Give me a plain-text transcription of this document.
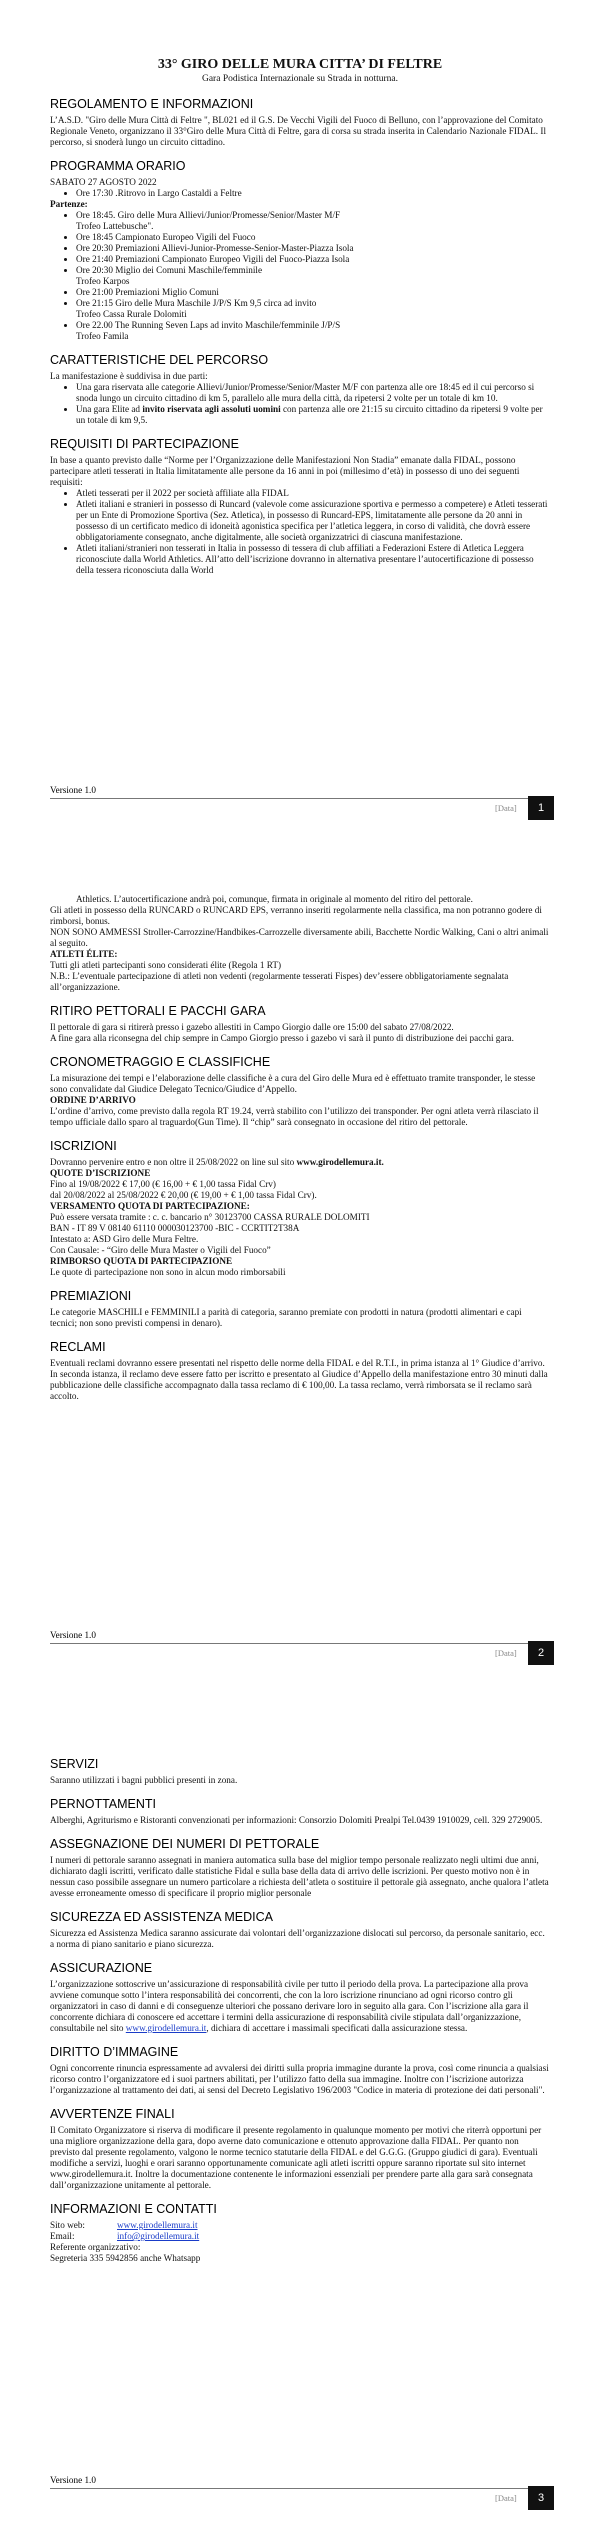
33° GIRO DELLE MURA CITTA’ DI FELTRE

Gara Podistica Internazionale su Strada in notturna.

REGOLAMENTO E INFORMAZIONI

L’A.S.D. "Giro delle Mura Città di Feltre ", BL021 ed il G.S. De Vecchi Vigili del Fuoco di Belluno, con l’approvazione del Comitato Regionale Veneto, organizzano il 33°Giro delle Mura Città di Feltre, gara di corsa su strada inserita in Calendario Nazionale FIDAL. Il percorso, si snoderà lungo un circuito cittadino.

PROGRAMMA ORARIO

SABATO 27 AGOSTO 2022

• Ore 17:30 .Ritrovo in Largo Castaldi a Feltre

Partenze:

• Ore 18:45. Giro delle Mura Allievi/Junior/Promesse/Senior/Master M/F
Trofeo Lattebusche".
• Ore 18:45 Campionato Europeo Vigili del Fuoco
• Ore 20:30 Premiazioni Allievi-Junior-Promesse-Senior-Master-Piazza Isola
• Ore 21:40 Premiazioni Campionato Europeo Vigili del Fuoco-Piazza Isola
• Ore 20:30 Miglio dei Comuni Maschile/femminile
Trofeo Karpos
• Ore 21:00 Premiazioni Miglio Comuni
• Ore 21:15 Giro delle Mura Maschile J/P/S Km 9,5 circa ad invito
Trofeo Cassa Rurale Dolomiti
• Ore 22.00 The Running Seven Laps ad invito Maschile/femminile J/P/S
Trofeo Famila
CARATTERISTICHE DEL PERCORSO

La manifestazione è suddivisa in due parti:

• Una gara riservata alle categorie Allievi/Junior/Promesse/Senior/Master M/F con partenza alle ore 18:45 ed il cui percorso si snoda lungo un circuito cittadino di km 5, parallelo alle mura della città, da ripetersi 2 volte per un totale di km 10.
• Una gara Elite ad invito riservata agli assoluti uomini con partenza alle ore 21:15 su circuito cittadino da ripetersi 9 volte per un totale di km 9,5.
REQUISITI DI PARTECIPAZIONE

In base a quanto previsto dalle “Norme per l’Organizzazione delle Manifestazioni Non Stadia” emanate dalla FIDAL, possono partecipare atleti tesserati in Italia limitatamente alle persone da 16 anni in poi (millesimo d’età) in possesso di uno dei seguenti requisiti:

• Atleti tesserati per il 2022 per società affiliate alla FIDAL
• Atleti italiani e stranieri in possesso di Runcard (valevole come assicurazione sportiva e permesso a competere) e Atleti tesserati per un Ente di Promozione Sportiva (Sez. Atletica), in possesso di Runcard-EPS, limitatamente alle persone da 20 anni in possesso di un certificato medico di idoneità agonistica specifica per l’atletica leggera, in corso di validità, che dovrà essere obbligatoriamente consegnato, anche digitalmente, alle società organizzatrici di ciascuna manifestazione.
• Atleti italiani/stranieri non tesserati in Italia in possesso di tessera di club affiliati a Federazioni Estere di Atletica Leggera riconosciute dalla World Athletics. All’atto dell’iscrizione dovranno in alternativa presentare l’autocertificazione di possesso della tessera riconosciuta dalla World
Versione 1.0
[Data]	1

Athletics. L’autocertificazione andrà poi, comunque, firmata in originale al momento del ritiro del pettorale.

Gli atleti in possesso della RUNCARD o RUNCARD EPS, verranno inseriti regolarmente nella classifica, ma non potranno godere di rimborsi, bonus.

NON SONO AMMESSI Stroller-Carrozzine/Handbikes-Carrozzelle diversamente abili, Bacchette Nordic Walking, Cani o altri animali al seguito.

ATLETI ÉLITE:

Tutti gli atleti partecipanti sono considerati élite (Regola 1 RT)

N.B.: L’eventuale partecipazione di atleti non vedenti (regolarmente tesserati Fispes) dev’essere obbligatoriamente segnalata all’organizzazione.

RITIRO PETTORALI E PACCHI GARA

Il pettorale di gara si ritirerà presso i gazebo allestiti in Campo Giorgio dalle ore 15:00 del sabato 27/08/2022.

A fine gara alla riconsegna del chip sempre in Campo Giorgio presso i gazebo vi sarà il punto di distribuzione dei pacchi gara.

CRONOMETRAGGIO E CLASSIFICHE

La misurazione dei tempi e l’elaborazione delle classifiche è a cura del Giro delle Mura ed è effettuato tramite transponder, le stesse sono convalidate dal Giudice Delegato Tecnico/Giudice d’Appello.

ORDINE D’ARRIVO

L’ordine d’arrivo, come previsto dalla regola RT 19.24, verrà stabilito con l’utilizzo dei transponder. Per ogni atleta verrà rilasciato il tempo ufficiale dallo sparo al traguardo(Gun Time). Il “chip” sarà consegnato in occasione del ritiro del pettorale.

ISCRIZIONI

Dovranno pervenire entro e non oltre il 25/08/2022 on line sul sito www.girodellemura.it.

QUOTE D’ISCRIZIONE

Fino al 19/08/2022 € 17,00 (€ 16,00 + € 1,00 tassa Fidal Crv)

dal 20/08/2022 al 25/08/2022 € 20,00 (€ 19,00 + € 1,00 tassa Fidal Crv).

VERSAMENTO QUOTA DI PARTECIPAZIONE:

Può essere versata tramite : c. c. bancario n° 30123700 CASSA RURALE DOLOMITI

BAN - IT 89 V 08140 61110 000030123700 -BIC - CCRTIT2T38A

Intestato a: ASD Giro delle Mura Feltre.

Con Causale: - “Giro delle Mura Master o Vigili del Fuoco”

RIMBORSO QUOTA DI PARTECIPAZIONE

Le quote di partecipazione non sono in alcun modo rimborsabili

PREMIAZIONI

Le categorie MASCHILI e FEMMINILI a parità di categoria, saranno premiate con prodotti in natura (prodotti alimentari e capi tecnici; non sono previsti compensi in denaro).

RECLAMI

Eventuali reclami dovranno essere presentati nel rispetto delle norme della FIDAL e del R.T.I., in prima istanza al 1° Giudice d’arrivo. In seconda istanza, il reclamo deve essere fatto per iscritto e presentato al Giudice d’Appello della manifestazione entro 30 minuti dalla pubblicazione delle classifiche accompagnato dalla tassa reclamo di € 100,00. La tassa reclamo, verrà rimborsata se il reclamo sarà accolto.

Versione 1.0
[Data]	2
SERVIZI

Saranno utilizzati i bagni pubblici presenti in zona.

PERNOTTAMENTI

Alberghi, Agriturismo e Ristoranti convenzionati per informazioni: Consorzio Dolomiti Prealpi Tel.0439 1910029, cell. 329 2729005.

ASSEGNAZIONE DEI NUMERI DI PETTORALE

I numeri di pettorale saranno assegnati in maniera automatica sulla base del miglior tempo personale realizzato negli ultimi due anni, dichiarato dagli iscritti, verificato dalle statistiche Fidal e sulla base della data di arrivo delle iscrizioni. Per questo motivo non è in nessun caso possibile assegnare un numero particolare a richiesta dell’atleta o sostituire il pettorale già assegnato, anche qualora l’atleta avesse erroneamente omesso di specificare il proprio miglior personale

SICUREZZA ED ASSISTENZA MEDICA

Sicurezza ed Assistenza Medica saranno assicurate dai volontari dell’organizzazione dislocati sul percorso, da personale sanitario, ecc. a norma di piano sanitario e piano sicurezza.

ASSICURAZIONE

L’organizzazione sottoscrive un’assicurazione di responsabilità civile per tutto il periodo della prova. La partecipazione alla prova avviene comunque sotto l’intera responsabilità dei concorrenti, che con la loro iscrizione rinunciano ad ogni ricorso contro gli organizzatori in caso di danni e di conseguenze ulteriori che possano derivare loro in seguito alla gara. Con l’iscrizione alla gara il concorrente dichiara di conoscere ed accettare i termini della assicurazione di responsabilità civile stipulata dall’organizzazione, consultabile nel sito www.girodellemura.it, dichiara di accettare i massimali specificati dalla assicurazione stessa.

DIRITTO D’IMMAGINE

Ogni concorrente rinuncia espressamente ad avvalersi dei diritti sulla propria immagine durante la prova, così come rinuncia a qualsiasi ricorso contro l’organizzatore ed i suoi partners abilitati, per l’utilizzo fatto della sua immagine. Inoltre con l’iscrizione autorizza l’organizzazione al trattamento dei dati, ai sensi del Decreto Legislativo 196/2003 "Codice in materia di protezione dei dati personali".

AVVERTENZE FINALI

Il Comitato Organizzatore si riserva di modificare il presente regolamento in qualunque momento per motivi che riterrà opportuni per una migliore organizzazione della gara, dopo averne dato comunicazione e ottenuto approvazione dalla FIDAL. Per quanto non previsto dal presente regolamento, valgono le norme tecnico statutarie della FIDAL e del G.G.G. (Gruppo giudici di gara). Eventuali modifiche a servizi, luoghi e orari saranno opportunamente comunicate agli atleti iscritti oppure saranno riportate sul sito internet www.girodellemura.it. Inoltre la documentazione contenente le informazioni essenziali per prendere parte alla gara sarà consegnata dall’organizzazione unitamente al pettorale.

INFORMAZIONI E CONTATTI
Sito web:	www.girodellemura.it
Email:	info@girodellemura.it

Referente organizzativo:

Segreteria 335 5942856 anche Whatsapp

Versione 1.0
[Data]	3
